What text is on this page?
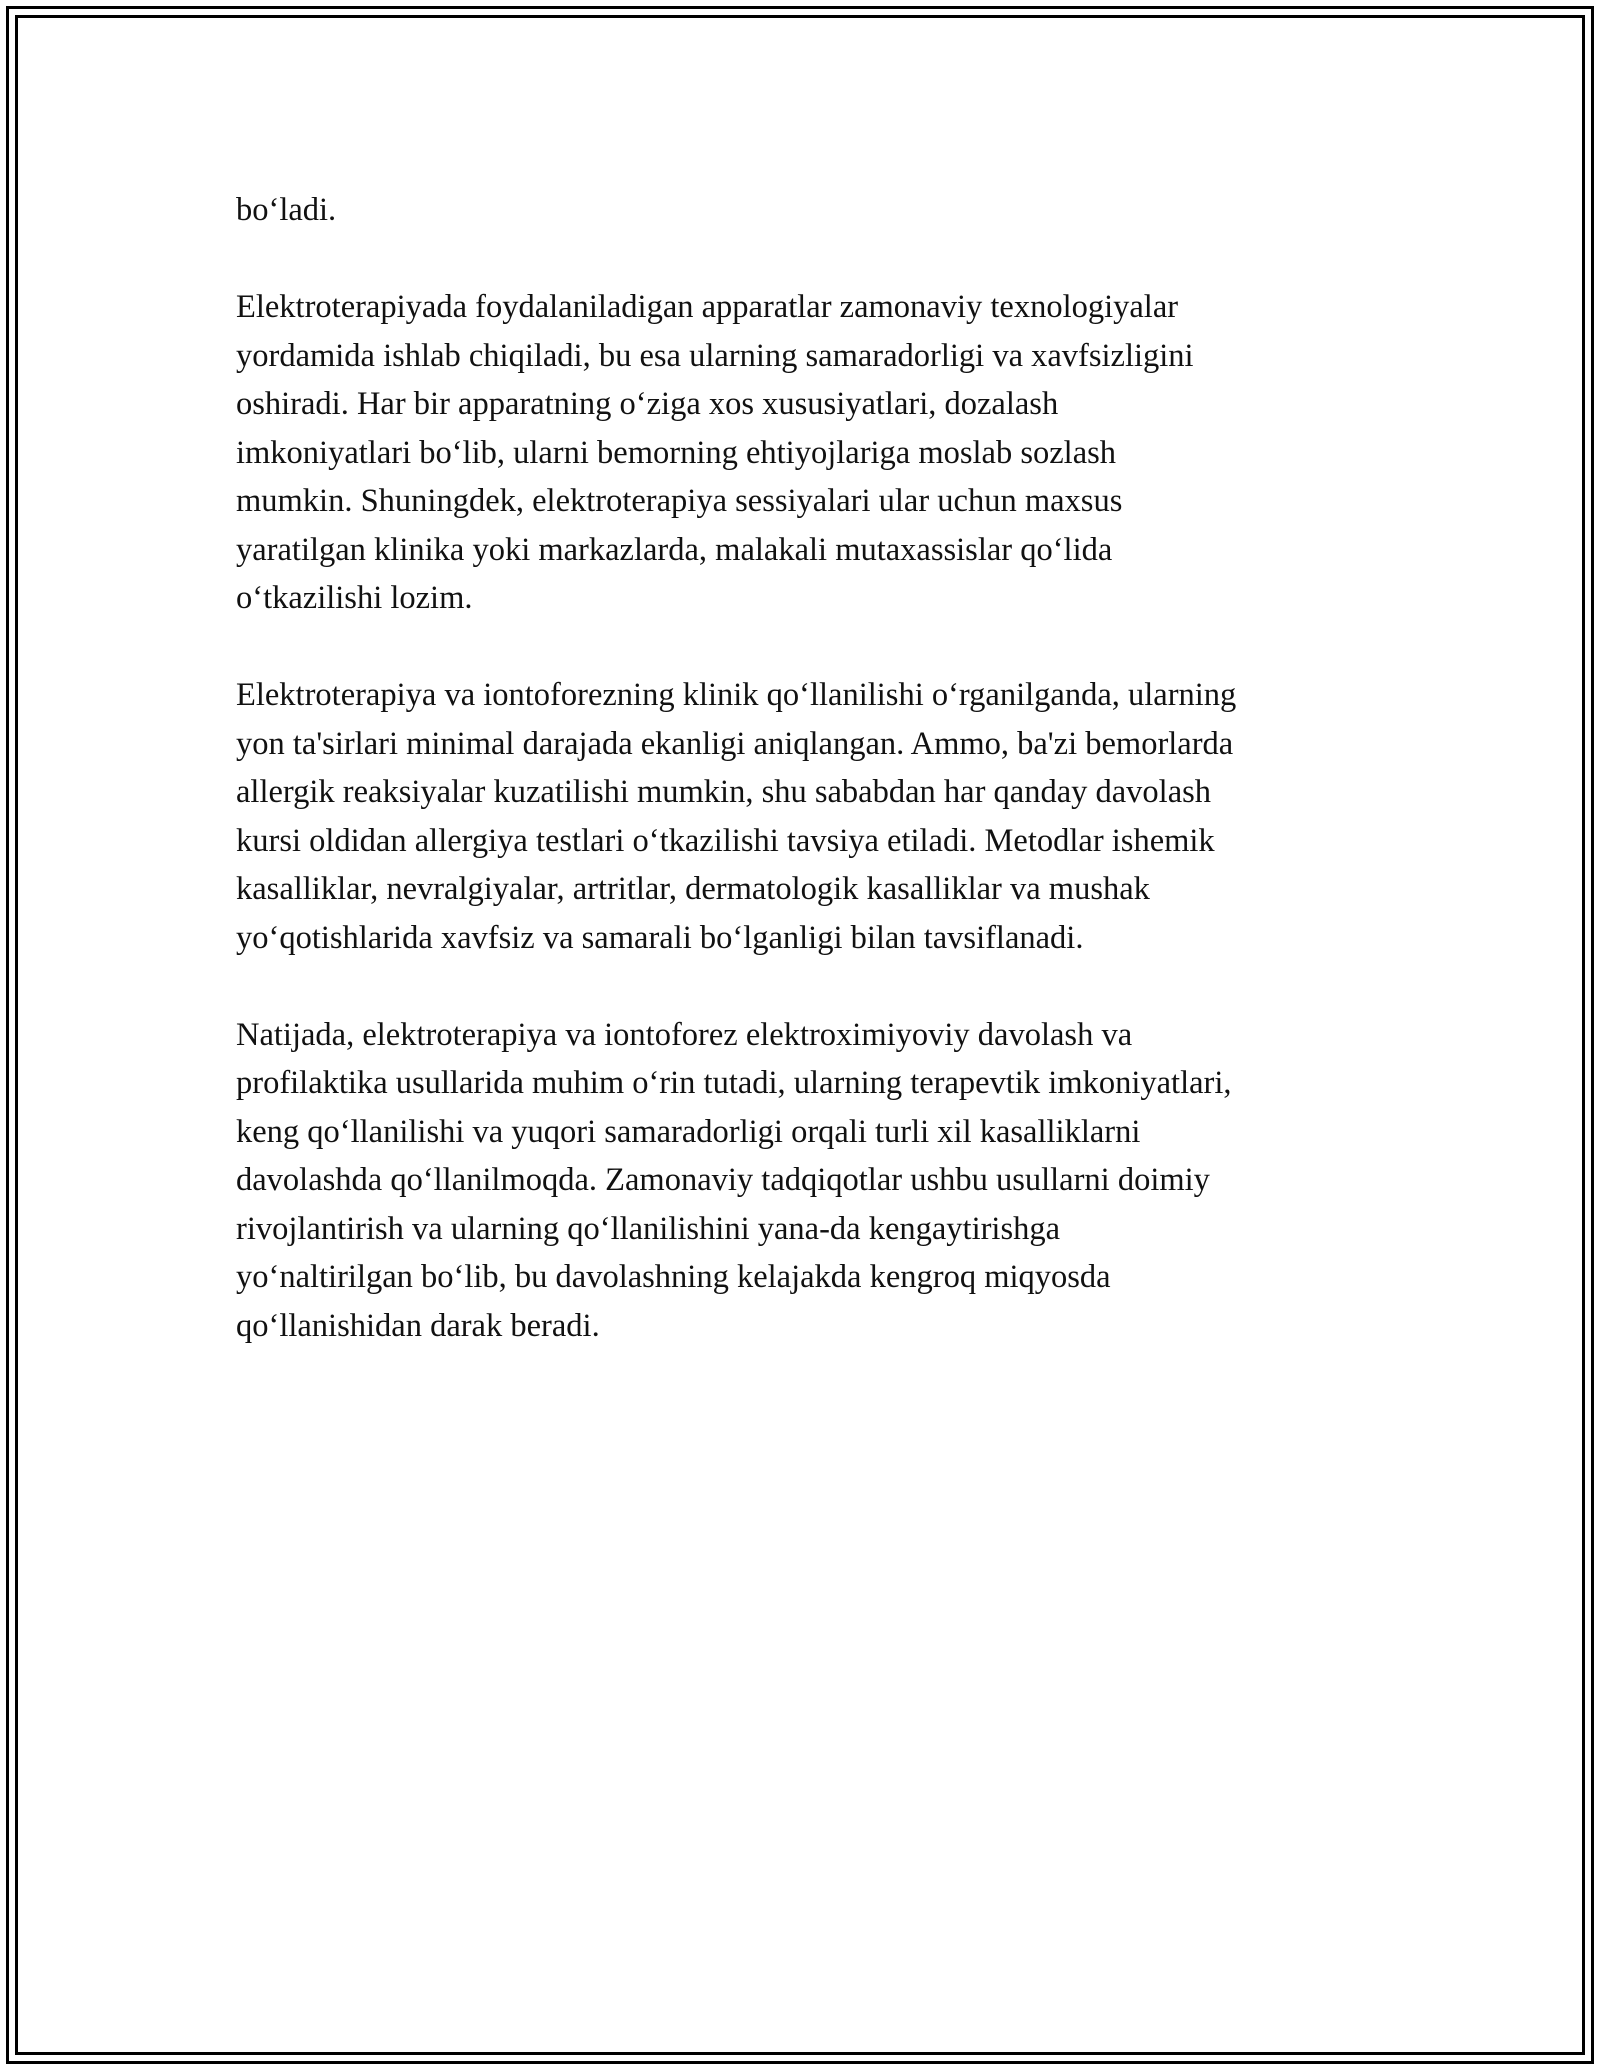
bo‘ladi.

Elektroterapiyada foydalaniladigan apparatlar zamonaviy texnologiyalar
yordamida ishlab chiqiladi, bu esa ularning samaradorligi va xavfsizligini
oshiradi. Har bir apparatning o‘ziga xos xususiyatlari, dozalash
imkoniyatlari bo‘lib, ularni bemorning ehtiyojlariga moslab sozlash
mumkin. Shuningdek, elektroterapiya sessiyalari ular uchun maxsus
yaratilgan klinika yoki markazlarda, malakali mutaxassislar qo‘lida
o‘tkazilishi lozim.

Elektroterapiya va iontoforezning klinik qo‘llanilishi o‘rganilganda, ularning
yon ta'sirlari minimal darajada ekanligi aniqlangan. Ammo, ba'zi bemorlarda
allergik reaksiyalar kuzatilishi mumkin, shu sababdan har qanday davolash
kursi oldidan allergiya testlari o‘tkazilishi tavsiya etiladi. Metodlar ishemik
kasalliklar, nevralgiyalar, artritlar, dermatologik kasalliklar va mushak
yo‘qotishlarida xavfsiz va samarali bo‘lganligi bilan tavsiflanadi.

Natijada, elektroterapiya va iontoforez elektroximiyoviy davolash va
profilaktika usullarida muhim o‘rin tutadi, ularning terapevtik imkoniyatlari,
keng qo‘llanilishi va yuqori samaradorligi orqali turli xil kasalliklarni
davolashda qo‘llanilmoqda. Zamonaviy tadqiqotlar ushbu usullarni doimiy
rivojlantirish va ularning qo‘llanilishini yana-da kengaytirishga
yo‘naltirilgan bo‘lib, bu davolashning kelajakda kengroq miqyosda
qo‘llanishidan darak beradi.
